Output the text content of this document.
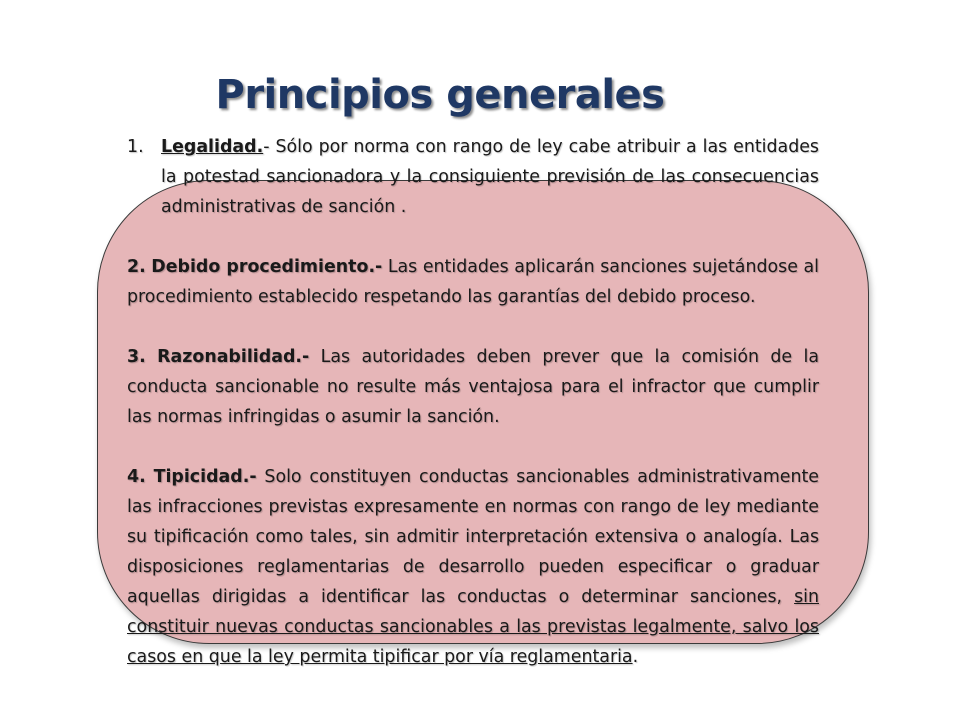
Principios generales

1. Legalidad.- Sólo por norma con rango de ley cabe atribuir a las entidades la potestad sancionadora y la consiguiente previsión de las consecuencias administrativas de sanción .

2. Debido procedimiento.- Las entidades aplicarán sanciones sujetándose al procedimiento establecido respetando las garantías del debido proceso.

3. Razonabilidad.- Las autoridades deben prever que la comisión de la conducta sancionable no resulte más ventajosa para el infractor que cumplir las normas infringidas o asumir la sanción.

4. Tipicidad.- Solo constituyen conductas sancionables administrativamente las infracciones previstas expresamente en normas con rango de ley mediante su tipificación como tales, sin admitir interpretación extensiva o analogía. Las disposiciones reglamentarias de desarrollo pueden especificar o graduar aquellas dirigidas a identificar las conductas o determinar sanciones, sin constituir nuevas conductas sancionables a las previstas legalmente, salvo los casos en que la ley permita tipificar por vía reglamentaria.
